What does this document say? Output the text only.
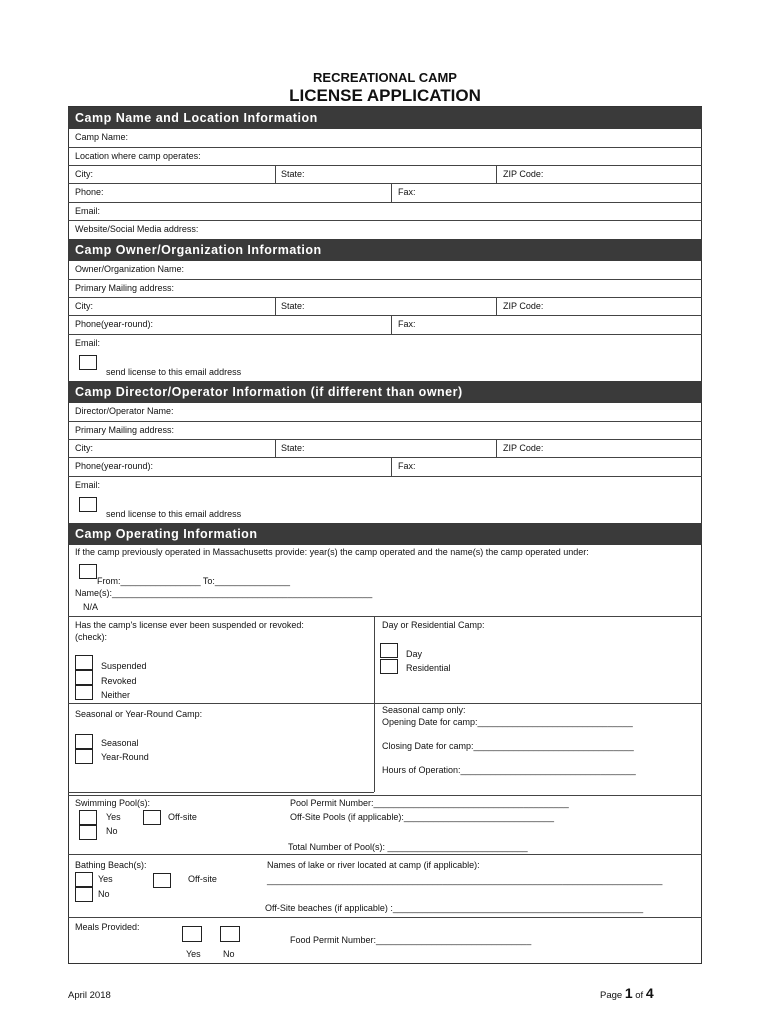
RECREATIONAL CAMP
LICENSE APPLICATION
Camp Name and Location Information
Camp Name:
Location where camp operates:
City:	State:	ZIP Code:
Phone:	Fax:
Email:
Website/Social Media address:
Camp Owner/Organization Information
Owner/Organization Name:
Primary Mailing address:
City:	State:	ZIP Code:
Phone(year-round):	Fax:
Email:
send license to this email address
Camp Director/Operator Information (if different than owner)
Director/Operator Name:
Primary Mailing address:
City:	State:	ZIP Code:
Phone(year-round):	Fax:
Email:
send license to this email address
Camp Operating Information
If the camp previously operated in Massachusetts provide: year(s) the camp operated and the name(s) the camp operated under:
From:________________ To:_______________
Name(s):____________________________________________________
N/A
Has the camp's license ever been suspended or revoked:
(check):
Suspended
Revoked
Neither
Day or Residential Camp:
Day
Residential
Seasonal or Year-Round Camp:
Seasonal
Year-Round
Seasonal camp only:
Opening Date for camp:_______________________________
Closing Date for camp:________________________________
Hours of Operation:___________________________________
Swimming Pool(s):
Yes	Off-site
No
Pool Permit Number:_______________________________________
Off-Site Pools (if applicable):______________________________
Total Number of Pool(s): ____________________________
Bathing Beach(s):
Yes	Off-site
No
Names of lake or river located at camp (if applicable):
_______________________________________________________________________________
Off-Site beaches (if applicable) :__________________________________________________
Meals Provided:
Yes No
Food Permit Number:_______________________________
April 2018	Page 1 of 4
